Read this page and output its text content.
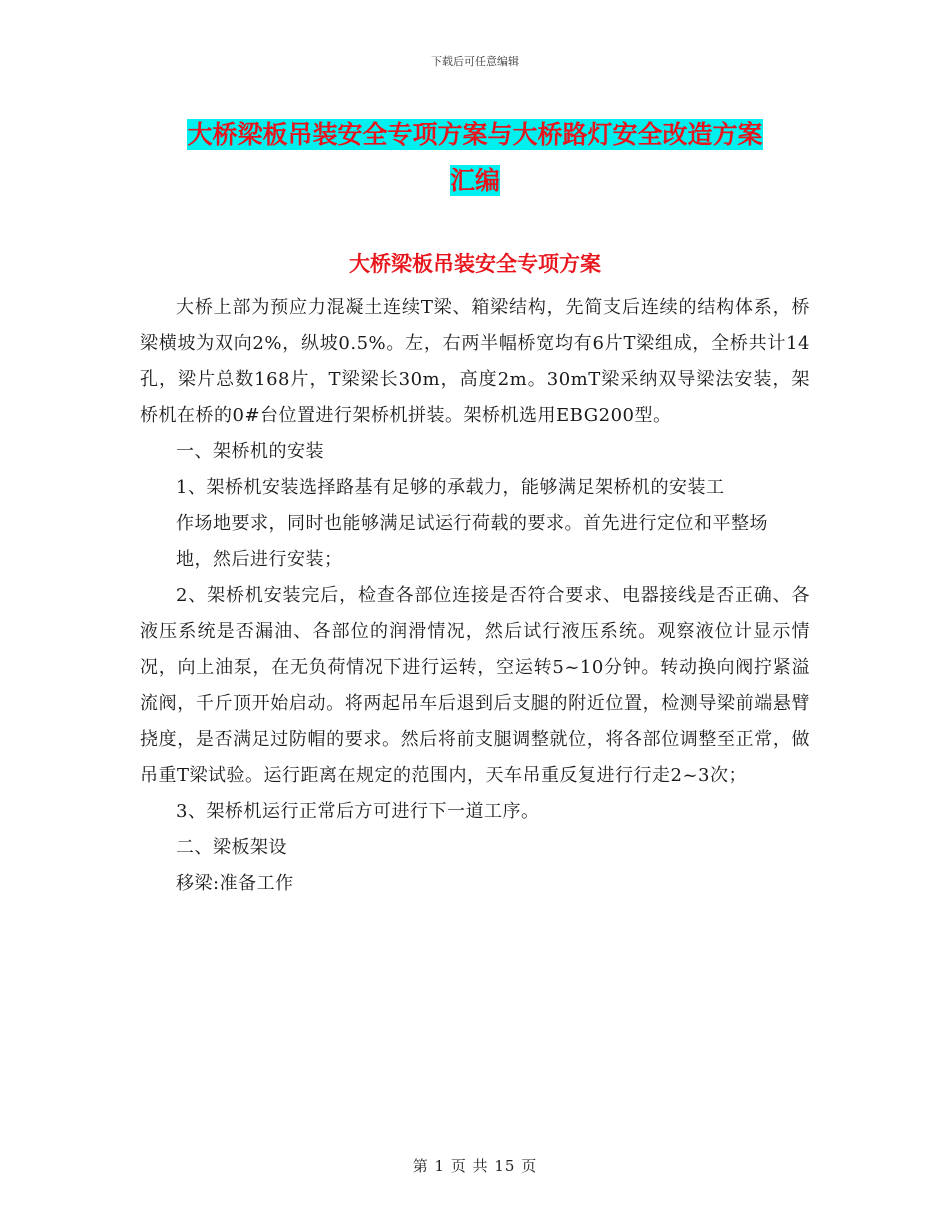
下载后可任意编辑
大桥梁板吊装安全专项方案与大桥路灯安全改造方案
汇编
大桥梁板吊装安全专项方案

大桥上部为预应力混凝土连续T梁、箱梁结构，先简支后连续的结构体系，桥梁横坡为双向2%，纵坡0.5%。左，右两半幅桥宽均有6片T梁组成，全桥共计14孔，梁片总数168片，T梁梁长30m，高度2m。30mT梁采纳双导梁法安装，架桥机在桥的0#台位置进行架桥机拼装。架桥机选用EBG200型。

一、架桥机的安装

1、架桥机安装选择路基有足够的承载力，能够满足架桥机的安装工

作场地要求，同时也能够满足试运行荷载的要求。首先进行定位和平整场

地，然后进行安装；

2、架桥机安装完后，检查各部位连接是否符合要求、电器接线是否正确、各液压系统是否漏油、各部位的润滑情况，然后试行液压系统。观察液位计显示情况，向上油泵，在无负荷情况下进行运转，空运转5~10分钟。转动换向阀拧紧溢流阀，千斤顶开始启动。将两起吊车后退到后支腿的附近位置，检测导梁前端悬臂挠度，是否满足过防帽的要求。然后将前支腿调整就位，将各部位调整至正常，做吊重T梁试验。运行距离在规定的范围内，天车吊重反复进行行走2~3次；

3、架桥机运行正常后方可进行下一道工序。

二、梁板架设

移梁:准备工作

第 1 页 共 15 页
